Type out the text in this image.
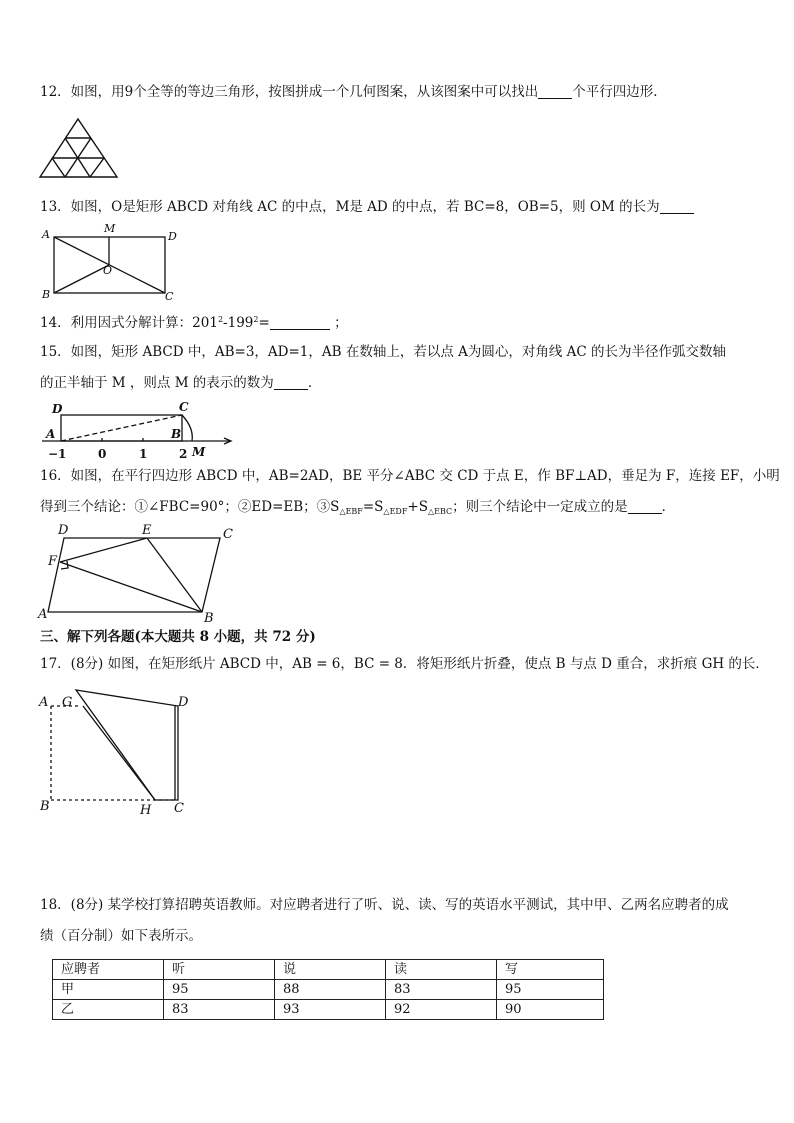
12．如图，用9个全等的等边三角形，按图拼成一个几何图案，从该图案中可以找出	个平行四边形．
13．如图，O是矩形 ABCD 对角线 AC 的中点，M是 AD 的中点，若 BC=8，OB=5，则 OM 的长为
A	M
D
O
B	C
14．利用因式分解计算：$201^2-199^2=$	；
15．如图，矩形 ABCD 中，AB=3，AD=1，AB 在数轴上，若以点 A为圆心，对角线 AC 的长为半径作弧交数轴
的正半轴于 M ，则点 M 的表示的数为	．
D	C
A	B
M
−1	0	1	2
16．如图，在平行四边形 ABCD 中，AB=2AD，BE 平分∠ABC 交 CD 于点 E，作 BF⊥AD，垂足为 F，连接 EF，小明
得到三个结论：①∠FBC=90°；②ED=EB；$③S_{\triangle EBF}=S_{\triangle EDF}+S_{\triangle EBC}$；则三个结论中一定成立的是	．
D	E	C
F
A	B
三、解下列各题(本大题共 8 小题，共 72 分)
17．(8分) 如图，在矩形纸片 ABCD 中，AB = 6，BC = 8．将矩形纸片折叠，使点 B 与点 D 重合，求折痕 GH 的长．
A G	D
B	H C
18．(8分) 某学校打算招聘英语教师。对应聘者进行了听、说、读、写的英语水平测试，其中甲、乙两名应聘者的成
绩（百分制）如下表所示。
应聘者	听	说	读	写
甲	95	88	83	95
乙	83	93	92	90
